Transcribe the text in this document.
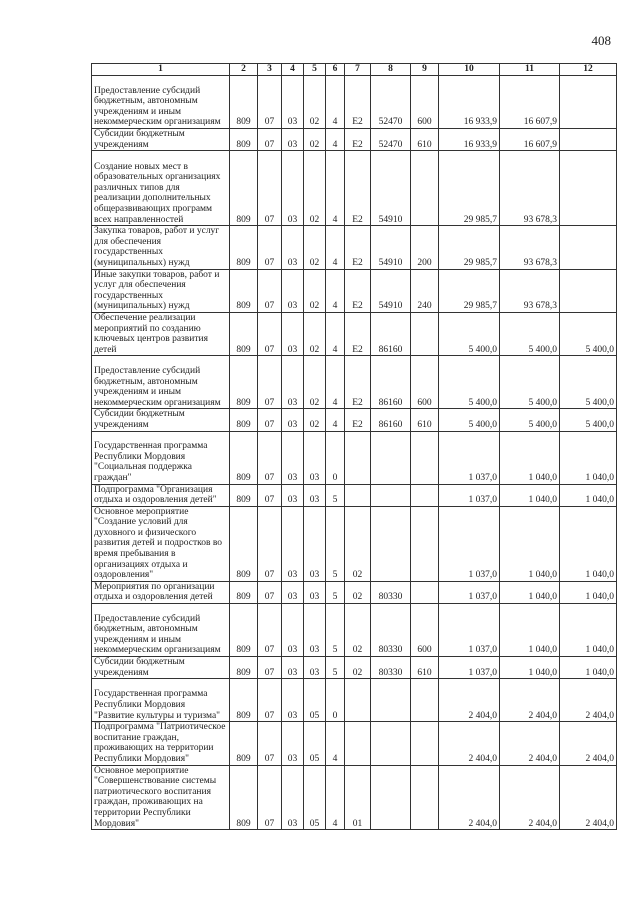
408
1	2	3	4	5	6	7	8	9	10	11	12
Предоставление субсидий бюджетным, автономным учреждениям и иным некоммерческим организациям	809	07	03	02	4	Е2	52470	600	16 933,9	16 607,9	
Субсидии бюджетным учреждениям	809	07	03	02	4	Е2	52470	610	16 933,9	16 607,9	
Создание новых мест в образовательных организациях различных типов для реализации дополнительных общеразвивающих программ всех направленностей	809	07	03	02	4	Е2	54910		29 985,7	93 678,3	
Закупка товаров, работ и услуг для обеспечения государственных (муниципальных) нужд	809	07	03	02	4	Е2	54910	200	29 985,7	93 678,3	
Иные закупки товаров, работ и услуг для обеспечения государственных (муниципальных) нужд	809	07	03	02	4	Е2	54910	240	29 985,7	93 678,3	
Обеспечение реализации мероприятий по созданию ключевых центров развития детей	809	07	03	02	4	Е2	86160		5 400,0	5 400,0	5 400,0
Предоставление субсидий бюджетным, автономным учреждениям и иным некоммерческим организациям	809	07	03	02	4	Е2	86160	600	5 400,0	5 400,0	5 400,0
Субсидии бюджетным учреждениям	809	07	03	02	4	Е2	86160	610	5 400,0	5 400,0	5 400,0
Государственная программа Республики Мордовия "Социальная поддержка граждан"	809	07	03	03	0				1 037,0	1 040,0	1 040,0
Подпрограмма "Организация отдыха и оздоровления детей"	809	07	03	03	5				1 037,0	1 040,0	1 040,0
Основное мероприятие "Создание условий для духовного и физического развития детей и подростков во время пребывания в организациях отдыха и оздоровления"	809	07	03	03	5	02			1 037,0	1 040,0	1 040,0
Мероприятия по организации отдыха и оздоровления детей	809	07	03	03	5	02	80330		1 037,0	1 040,0	1 040,0
Предоставление субсидий бюджетным, автономным учреждениям и иным некоммерческим организациям	809	07	03	03	5	02	80330	600	1 037,0	1 040,0	1 040,0
Субсидии бюджетным учреждениям	809	07	03	03	5	02	80330	610	1 037,0	1 040,0	1 040,0
Государственная программа Республики Мордовия "Развитие культуры и туризма"	809	07	03	05	0				2 404,0	2 404,0	2 404,0
Подпрограмма "Патриотическое воспитание граждан, проживающих на территории Республики Мордовия"	809	07	03	05	4				2 404,0	2 404,0	2 404,0
Основное мероприятие "Совершенствование системы патриотического воспитания граждан, проживающих на территории Республики Мордовия"	809	07	03	05	4	01			2 404,0	2 404,0	2 404,0
